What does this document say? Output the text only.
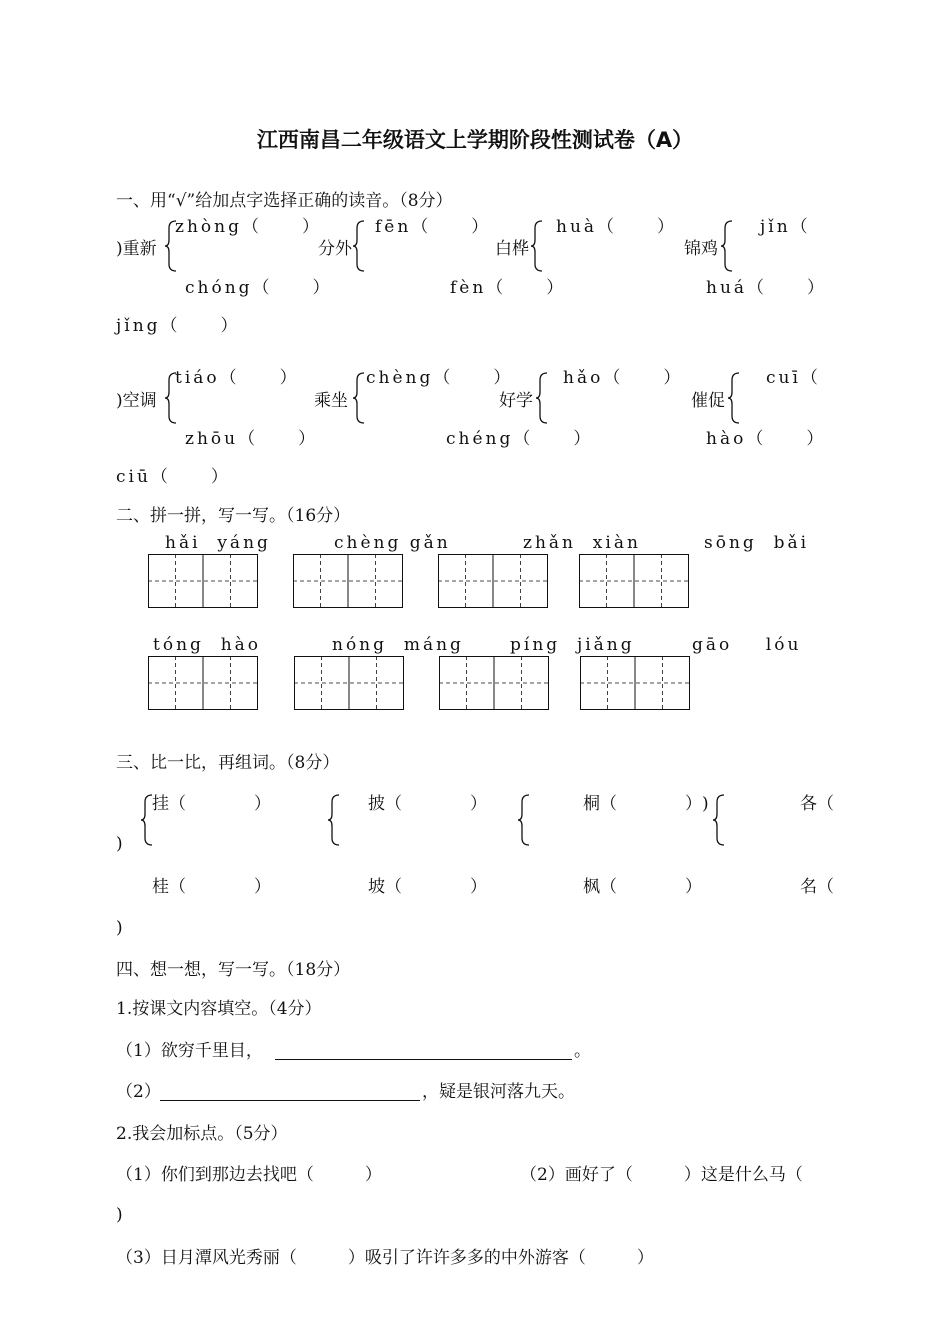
江西南昌二年级语文上学期阶段性测试卷（A）
一、用“√”给加点字选择正确的读音。（8分）
zhòng（　　）	fēn（　　）	huà（　　）	jǐn（
)重新	分外	白桦	锦鸡
chóng（　　）	fèn（　　）	huá（　　）
jǐng（　　）
tiáo（　　）	chèng（　　）	hǎo（　　）	cuī（
)空调	乘坐	好学	催促
zhōu（　　）	chéng（　　）	hào（　　）
ciū（　　）
二、拼一拼，写一写。（16分）
hǎi  yáng	chèng gǎn	zhǎn  xiàn	sōng  bǎi
tóng  hào	nóng  máng	píng  jiǎng	gāo    lóu
三、比一比，再组词。（8分）
挂（　　　　）	披（　　　　）	桐（　　　　）	各（
)
)
桂（　　　　）	坡（　　　　）	枫（　　　　）	名（
)
四、想一想，写一写。（18分）
1.按课文内容填空。（4分）
（1）欲穷千里目，	。
（2）	，疑是银河落九天。
2.我会加标点。（5分）
（1）你们到那边去找吧（　　　）	（2）画好了（　　　）这是什么马（
)
（3）日月潭风光秀丽（　　　）吸引了许许多多的中外游客（　　　）
